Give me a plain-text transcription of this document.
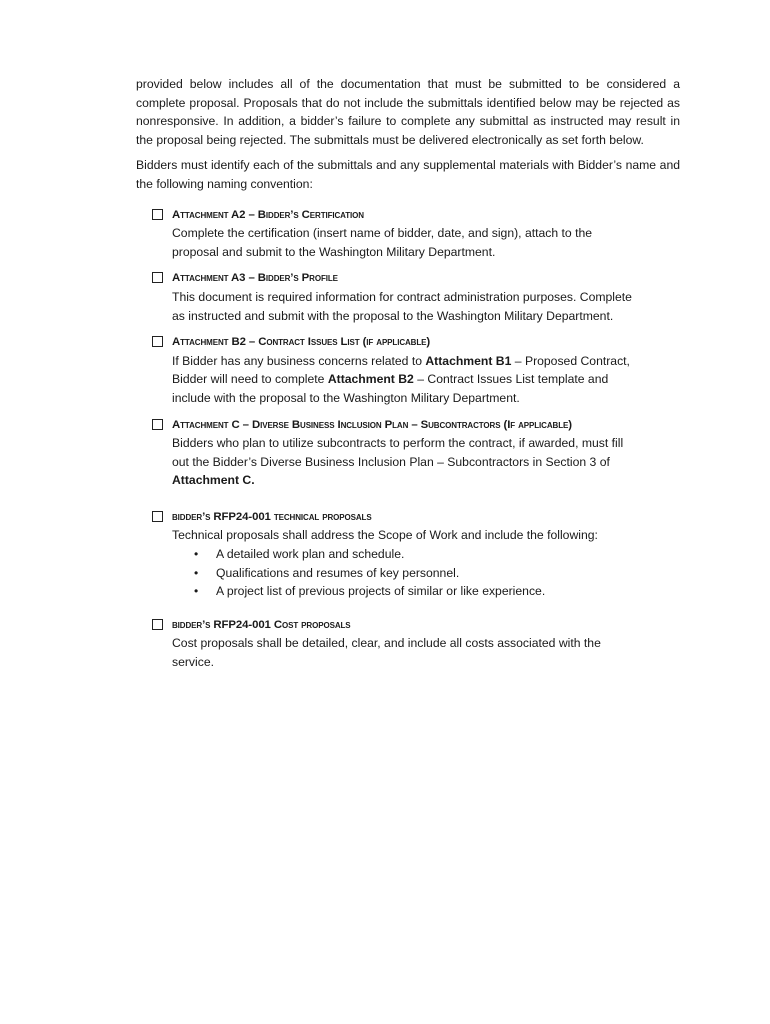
provided below includes all of the documentation that must be submitted to be considered a complete proposal. Proposals that do not include the submittals identified below may be rejected as nonresponsive. In addition, a bidder’s failure to complete any submittal as instructed may result in the proposal being rejected. The submittals must be delivered electronically as set forth below.

Bidders must identify each of the submittals and any supplemental materials with Bidder’s name and the following naming convention:

Attachment A2 – Bidder’s Certification
Complete the certification (insert name of bidder, date, and sign), attach to the proposal and submit to the Washington Military Department.
Attachment A3 – Bidder’s Profile
This document is required information for contract administration purposes. Complete as instructed and submit with the proposal to the Washington Military Department.
Attachment B2 – Contract Issues List (if applicable)
If Bidder has any business concerns related to Attachment B1 – Proposed Contract, Bidder will need to complete Attachment B2 – Contract Issues List template and include with the proposal to the Washington Military Department.
Attachment C – Diverse Business Inclusion Plan – Subcontractors (If applicable)
Bidders who plan to utilize subcontracts to perform the contract, if awarded, must fill out the Bidder’s Diverse Business Inclusion Plan – Subcontractors in Section 3 of Attachment C.
bidder’s RFP24-001 technical proposals
Technical proposals shall address the Scope of Work and include the following:
• A detailed work plan and schedule.
• Qualifications and resumes of key personnel.
• A project list of previous projects of similar or like experience.
bidder’s RFP24-001 Cost proposals
Cost proposals shall be detailed, clear, and include all costs associated with the service.
